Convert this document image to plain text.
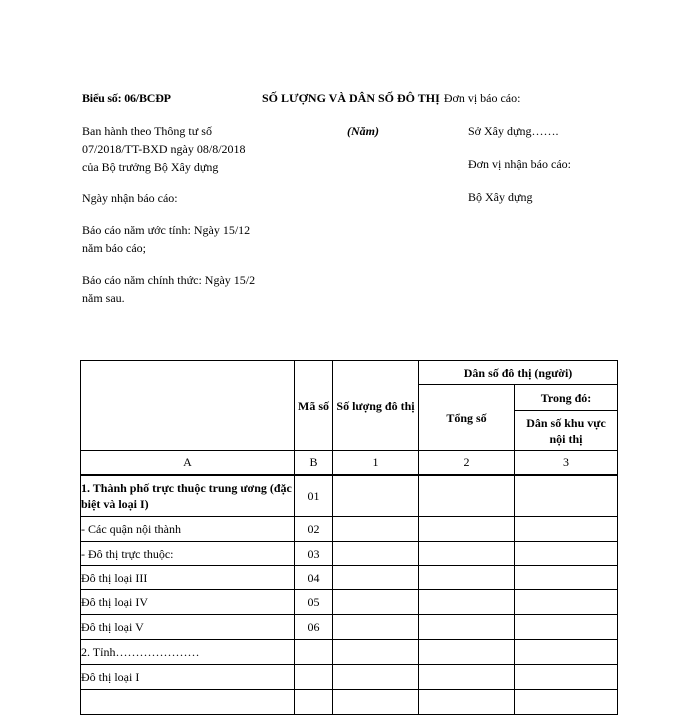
Biểu số: 06/BCĐP	SỐ LƯỢNG VÀ DÂN SỐ ĐÔ THỊ Đơn vị báo cáo:
(Năm)

Ban hành theo Thông tư số 07/2018/TT-BXD ngày 08/8/2018 của Bộ trưởng Bộ Xây dựng

Ngày nhận báo cáo:

Báo cáo năm ước tính: Ngày 15/12 năm báo cáo;

Báo cáo năm chính thức: Ngày 15/2 năm sau.

Sở Xây dựng…….

Đơn vị nhận báo cáo:

Bộ Xây dựng

	Mã số	Số lượng đô thị	Dân số đô thị (người)	
			Tổng số	Trong đó:
				Dân số khu vực nội thị
A	B	1	2	3
1. Thành phố trực thuộc trung ương (đặc biệt và loại I)	01			
- Các quận nội thành	02			
- Đô thị trực thuộc:	03			
Đô thị loại III	04			
Đô thị loại IV	05			
Đô thị loại V	06			
2. Tỉnh…………………				
Đô thị loại I				
